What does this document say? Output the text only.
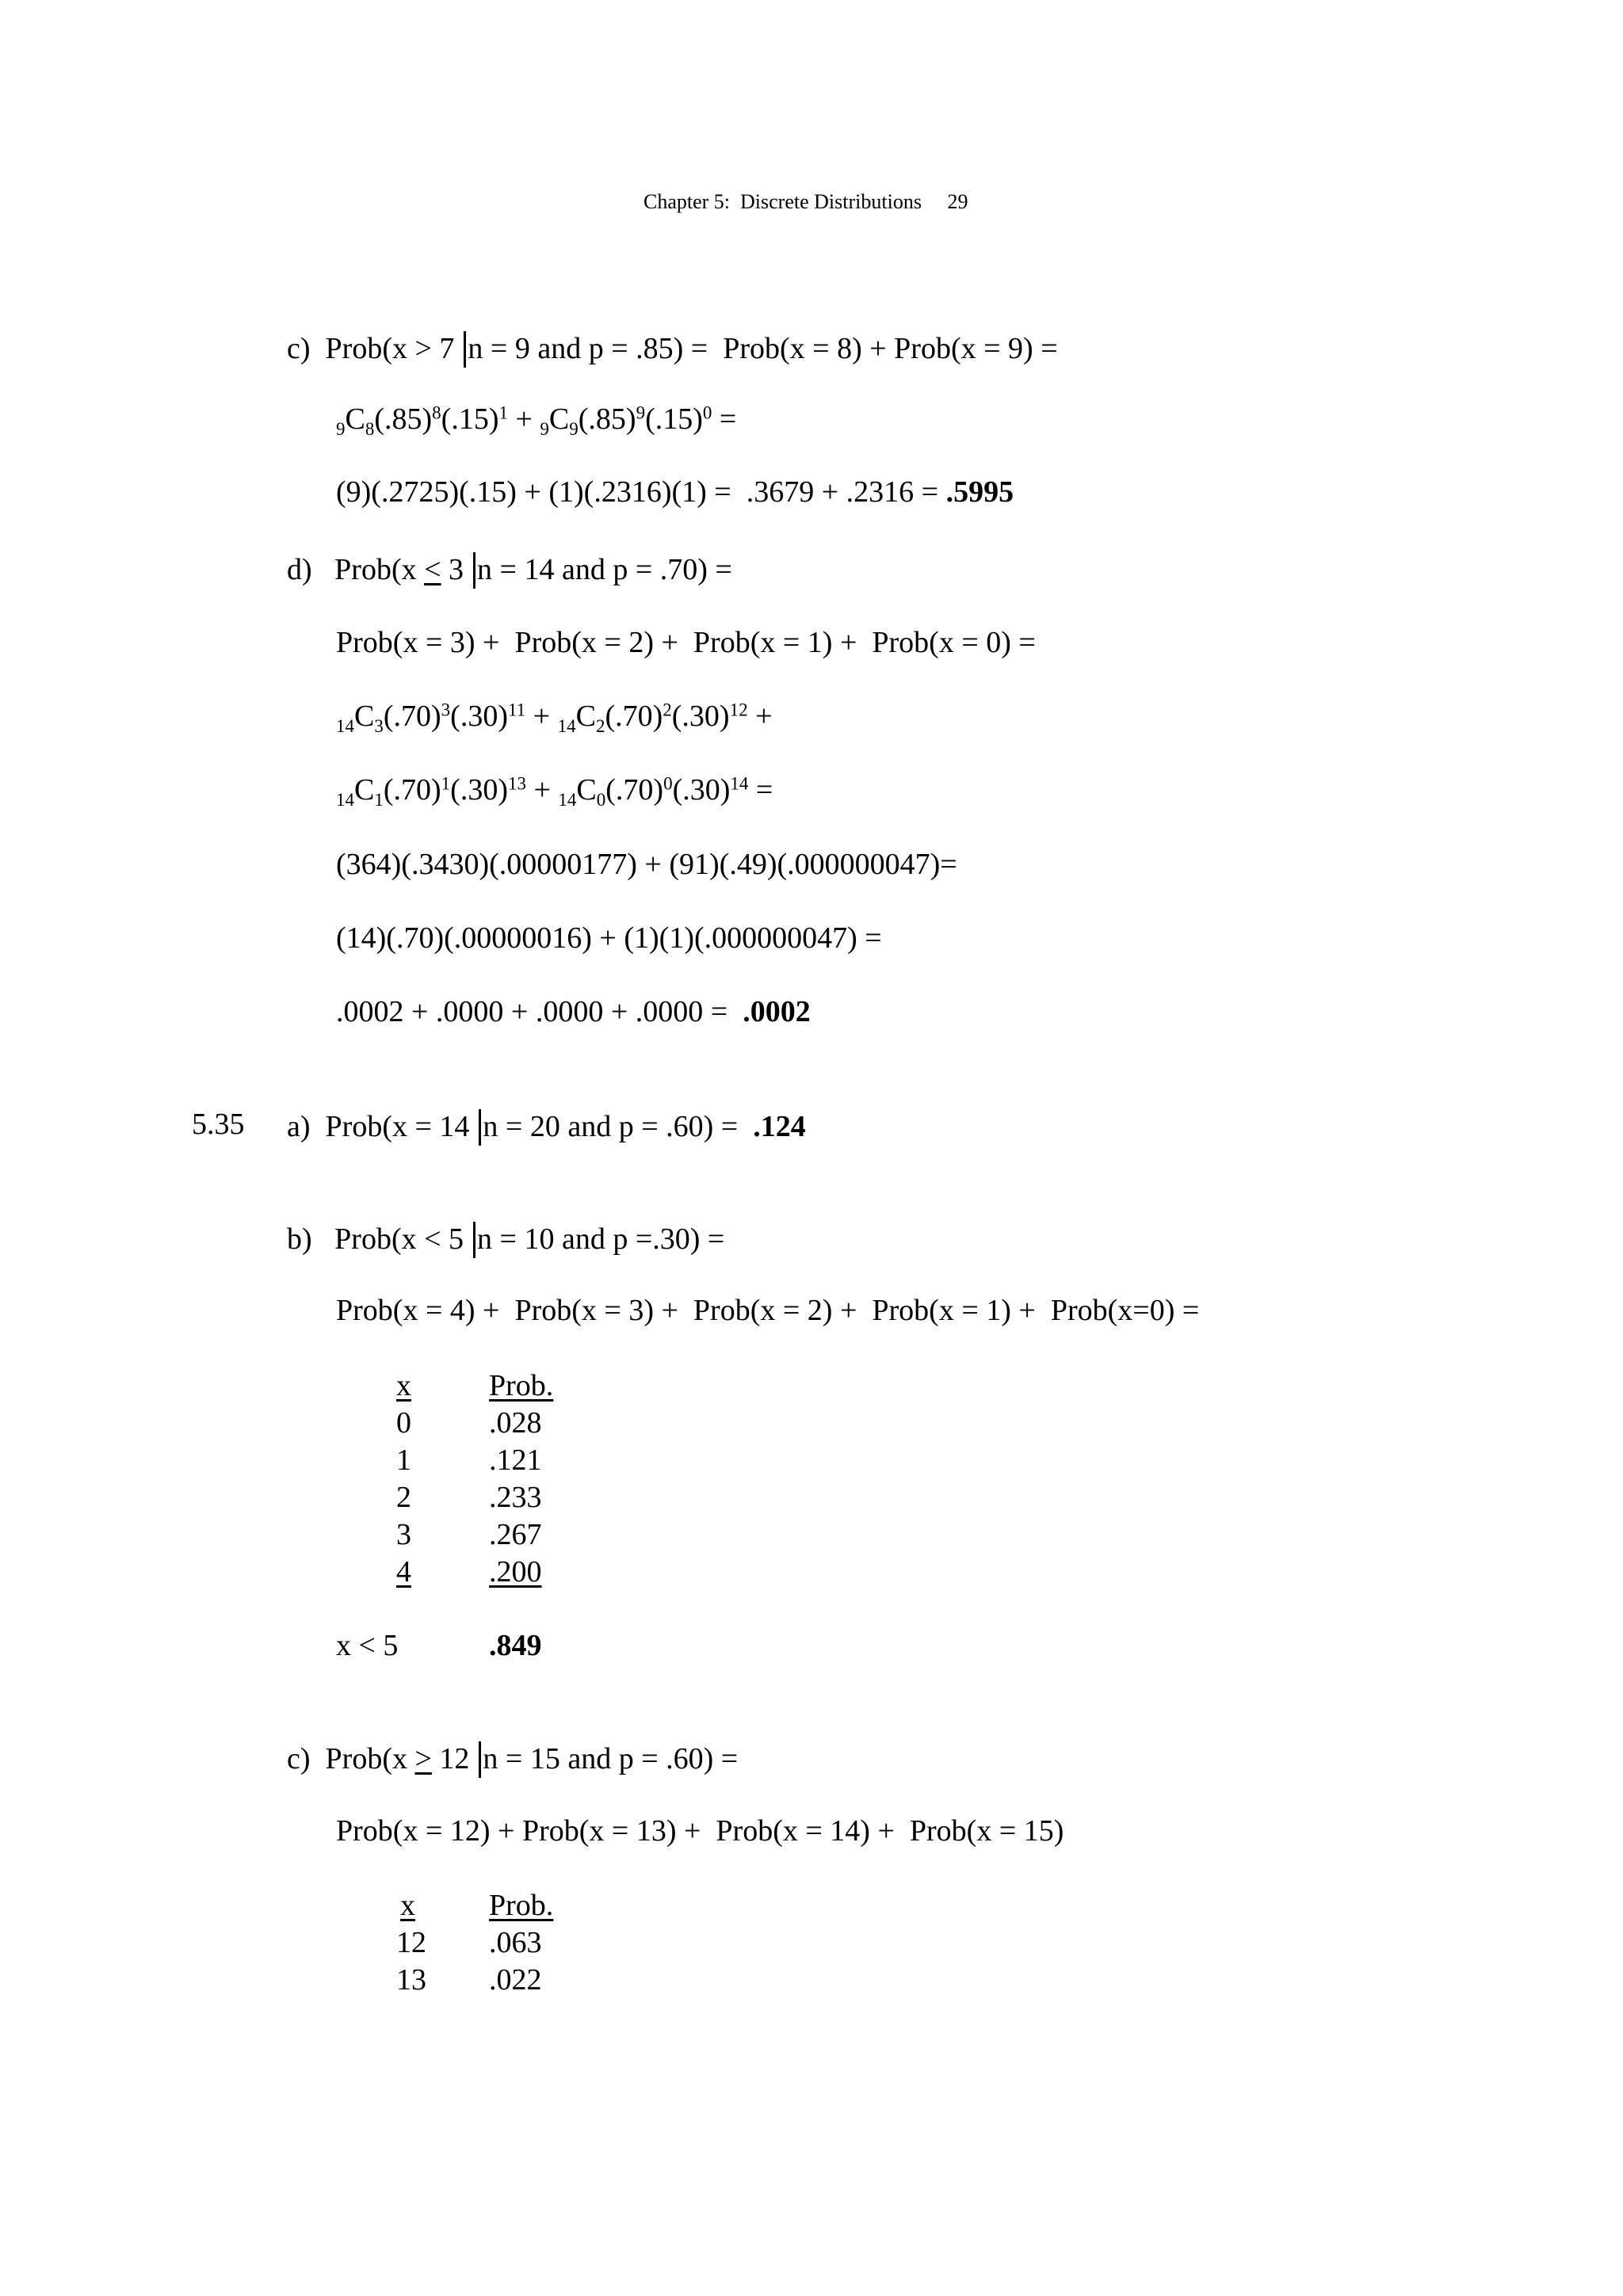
Chapter 5:  Discrete Distributions 29
c) Prob(x > 7 n = 9 and p = .85) =  Prob(x = 8) + Prob(x = 9) =
$_9C_8(.85)^8(.15)^1 + _9C_9(.85)^9(.15)^0$ =
(9)(.2725)(.15) + (1)(.2316)(1) =  .3679 + .2316 = .5995
d) Prob(x ≤ 3 n = 14 and p = .70) =
Prob(x = 3) +  Prob(x = 2) +  Prob(x = 1) +  Prob(x = 0) =
$_{14}C_3(.70)^3(.30)^{11} + _{14}C_2(.70)^2(.30)^{12}$ +
$_{14}C_1(.70)^1(.30)^{13} + _{14}C_0(.70)^0(.30)^{14}$ =
(364)(.3430)(.00000177) + (91)(.49)(.000000047)=
(14)(.70)(.00000016) + (1)(1)(.000000047) =
.0002 + .0000 + .0000 + .0000 =  .0002
5.35 a) Prob(x = 14 n = 20 and p = .60) =  .124
b) Prob(x < 5 n = 10 and p =.30) =
Prob(x = 4) +  Prob(x = 3) +  Prob(x = 2) +  Prob(x = 1) +  Prob(x=0) =
x	Prob.
0	.028
1	.121
2	.233
3	.267
4	.200
x < 5	.849
c) Prob(x ≥ 12 n = 15 and p = .60) =
Prob(x = 12) + Prob(x = 13) +  Prob(x = 14) +  Prob(x = 15)
x Prob.
12 .063
13 .022
